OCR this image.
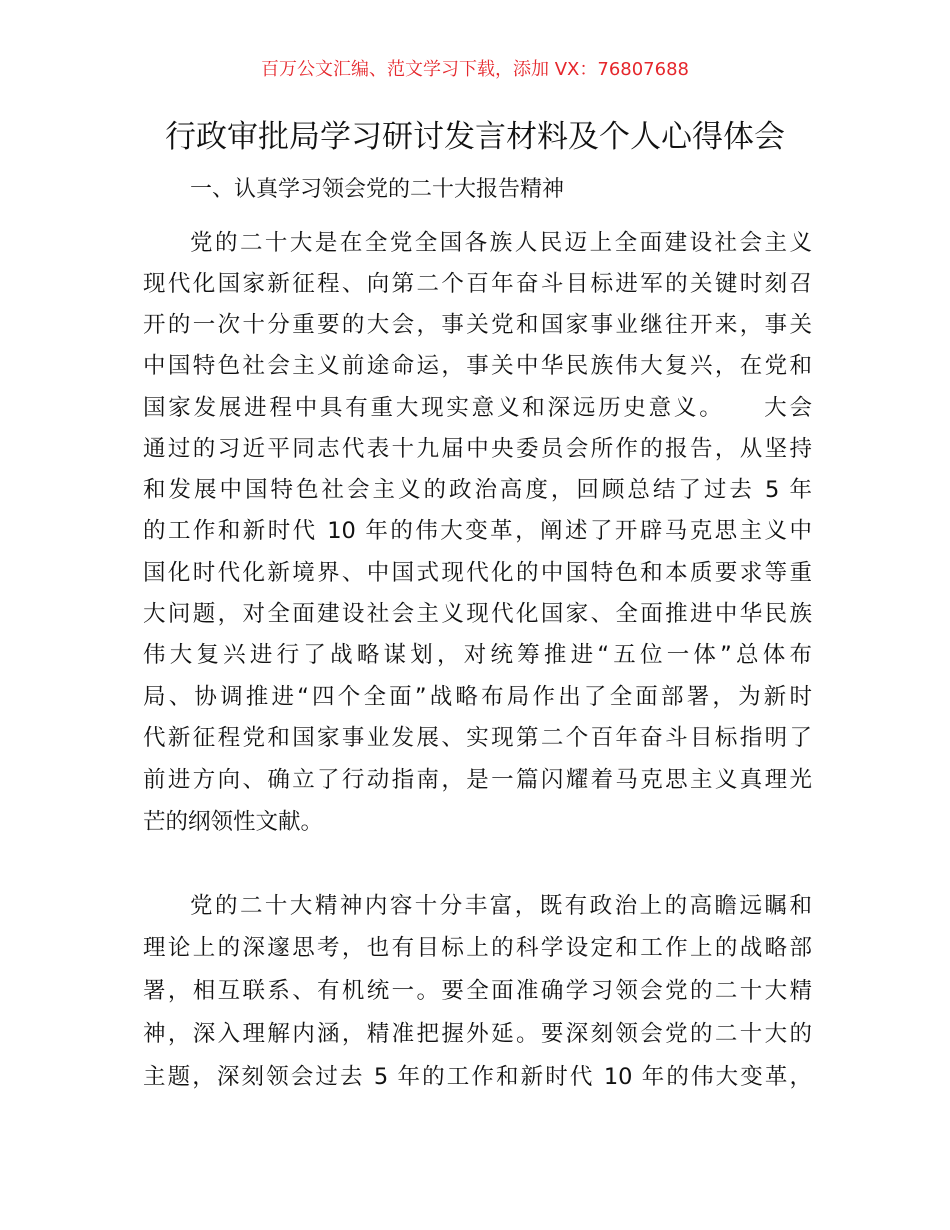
百万公文汇编、范文学习下载，添加 VX：76807688
行政审批局学习研讨发言材料及个人心得体会
一、认真学习领会党的二十大报告精神
党的二十大是在全党全国各族人民迈上全面建设社会主义
现代化国家新征程、向第二个百年奋斗目标进军的关键时刻召
开的一次十分重要的大会，事关党和国家事业继往开来，事关
中国特色社会主义前途命运，事关中华民族伟大复兴，在党和
国家发展进程中具有重大现实意义和深远历史意义。    大会
通过的习近平同志代表十九届中央委员会所作的报告，从坚持
和发展中国特色社会主义的政治高度，回顾总结了过去 5 年
的工作和新时代 10 年的伟大变革，阐述了开辟马克思主义中
国化时代化新境界、中国式现代化的中国特色和本质要求等重
大问题，对全面建设社会主义现代化国家、全面推进中华民族
伟大复兴进行了战略谋划，对统筹推进“五位一体”总体布
局、协调推进“四个全面”战略布局作出了全面部署，为新时
代新征程党和国家事业发展、实现第二个百年奋斗目标指明了
前进方向、确立了行动指南，是一篇闪耀着马克思主义真理光
芒的纲领性文献。
党的二十大精神内容十分丰富，既有政治上的高瞻远瞩和
理论上的深邃思考，也有目标上的科学设定和工作上的战略部
署，相互联系、有机统一。要全面准确学习领会党的二十大精
神，深入理解内涵，精准把握外延。要深刻领会党的二十大的
主题，深刻领会过去 5 年的工作和新时代 10 年的伟大变革，
